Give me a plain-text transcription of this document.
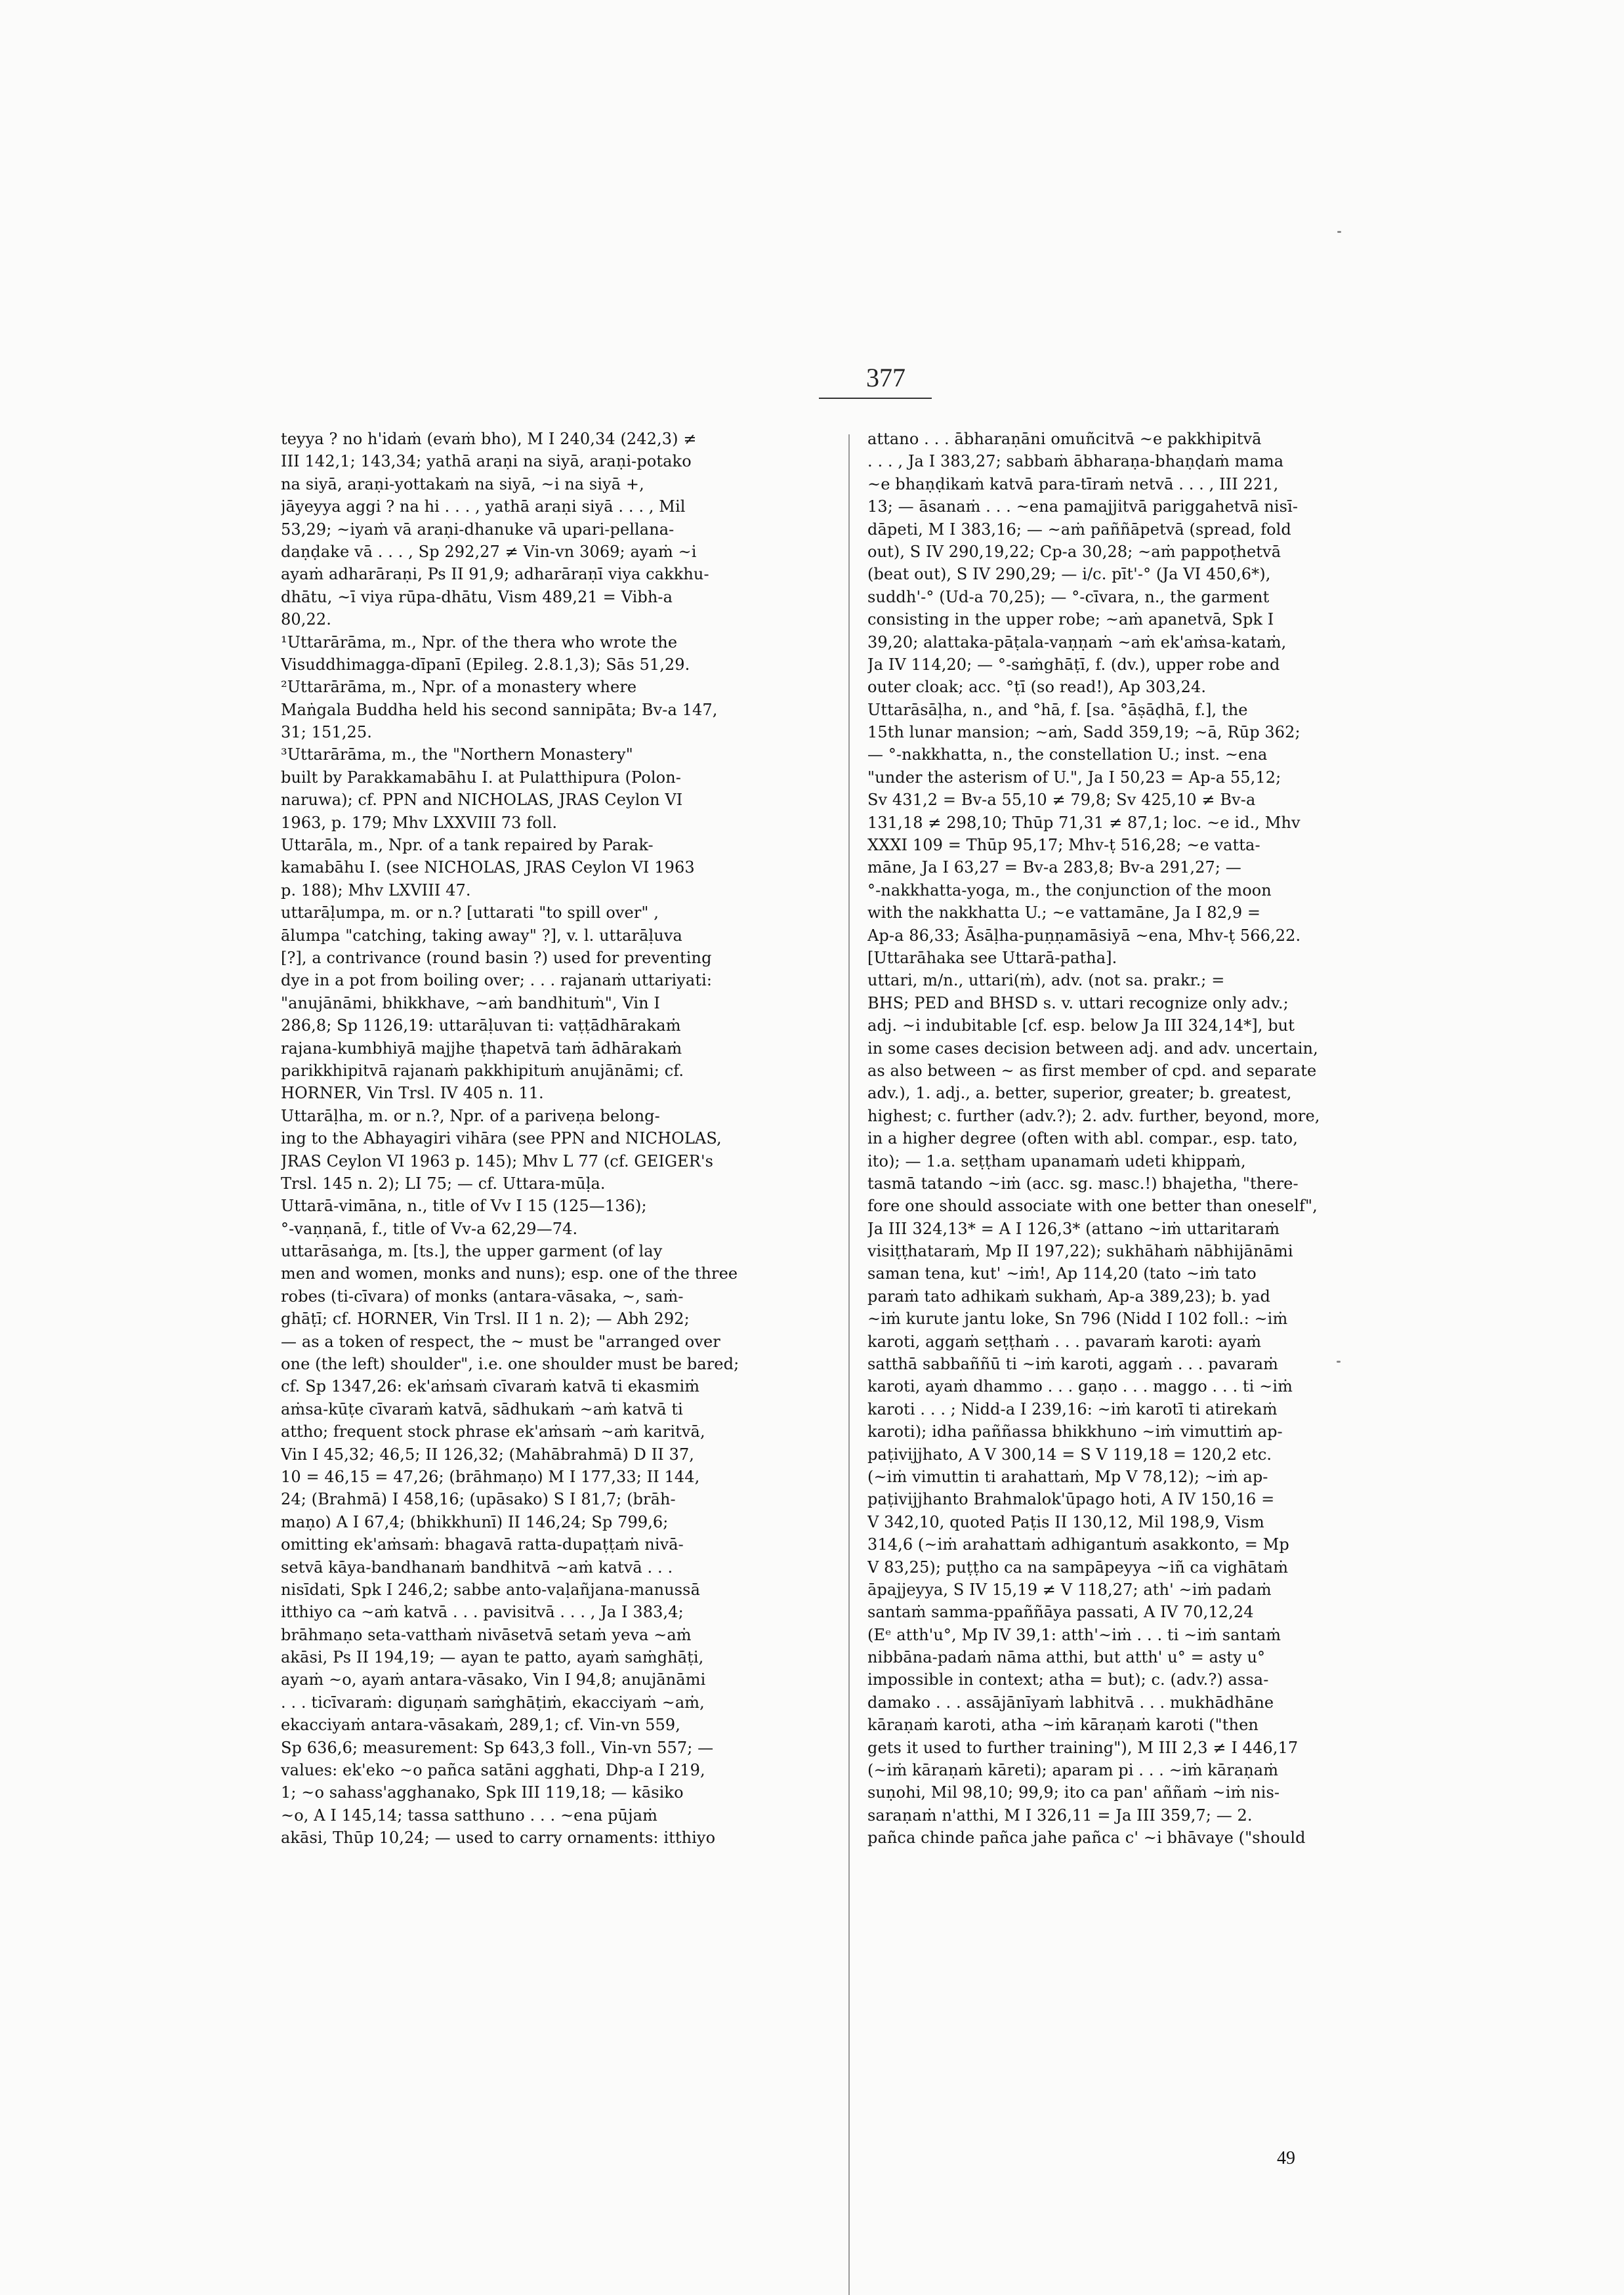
377
teyya ? no h'idaṁ (evaṁ bho), M I 240,34 (242,3) ≠
III 142,1; 143,34; yathā araṇi na siyā, araṇi-potako
na siyā, araṇi-yottakaṁ na siyā, ~i na siyā +,
jāyeyya aggi ? na hi . . . , yathā araṇi siyā . . . , Mil
53,29; ~iyaṁ vā araṇi-dhanuke vā upari-pellana-
daṇḍake vā . . . , Sp 292,27 ≠ Vin-vn 3069; ayaṁ ~i
ayaṁ adharāraṇi, Ps II 91,9; adharāraṇī viya cakkhu-
dhātu, ~ī viya rūpa-dhātu, Vism 489,21 = Vibh-a
80,22.
¹Uttarārāma, m., Npr. of the thera who wrote the
Visuddhimagga-dīpanī (Epileg. 2.8.1,3); Sās 51,29.
²Uttarārāma, m., Npr. of a monastery where
Maṅgala Buddha held his second sannipāta; Bv-a 147,
31; 151,25.
³Uttarārāma, m., the "Northern Monastery"
built by Parakkamabāhu I. at Pulatthipura (Polon-
naruwa); cf. PPN and NICHOLAS, JRAS Ceylon VI
1963, p. 179; Mhv LXXVIII 73 foll.
Uttarāla, m., Npr. of a tank repaired by Parak-
kamabāhu I. (see NICHOLAS, JRAS Ceylon VI 1963
p. 188); Mhv LXVIII 47.
uttarāḷumpa, m. or n.? [uttarati "to spill over" ,
ālumpa "catching, taking away" ?], v. l. uttarāḷuva
[?], a contrivance (round basin ?) used for preventing
dye in a pot from boiling over; . . . rajanaṁ uttariyati:
"anujānāmi, bhikkhave, ~aṁ bandhituṁ", Vin I
286,8; Sp 1126,19: uttarāḷuvan ti: vaṭṭādhārakaṁ
rajana-kumbhiyā majjhe ṭhapetvā taṁ ādhārakaṁ
parikkhipitvā rajanaṁ pakkhipituṁ anujānāmi; cf.
HORNER, Vin Trsl. IV 405 n. 11.
Uttarāḷha, m. or n.?, Npr. of a pariveṇa belong-
ing to the Abhayagiri vihāra (see PPN and NICHOLAS,
JRAS Ceylon VI 1963 p. 145); Mhv L 77 (cf. GEIGER's
Trsl. 145 n. 2); LI 75; — cf. Uttara-mūḷa.
Uttarā-vimāna, n., title of Vv I 15 (125—136);
°-vaṇṇanā, f., title of Vv-a 62,29—74.
uttarāsaṅga, m. [ts.], the upper garment (of lay
men and women, monks and nuns); esp. one of the three
robes (ti-cīvara) of monks (antara-vāsaka, ~, saṁ-
ghāṭī; cf. HORNER, Vin Trsl. II 1 n. 2); — Abh 292;
— as a token of respect, the ~ must be "arranged over
one (the left) shoulder", i.e. one shoulder must be bared;
cf. Sp 1347,26: ek'aṁsaṁ cīvaraṁ katvā ti ekasmiṁ
aṁsa-kūṭe cīvaraṁ katvā, sādhukaṁ ~aṁ katvā ti
attho; frequent stock phrase ek'aṁsaṁ ~aṁ karitvā,
Vin I 45,32; 46,5; II 126,32; (Mahābrahmā) D II 37,
10 = 46,15 = 47,26; (brāhmaṇo) M I 177,33; II 144,
24; (Brahmā) I 458,16; (upāsako) S I 81,7; (brāh-
maṇo) A I 67,4; (bhikkhunī) II 146,24; Sp 799,6;
omitting ek'aṁsaṁ: bhagavā ratta-dupaṭṭaṁ nivā-
setvā kāya-bandhanaṁ bandhitvā ~aṁ katvā . . .
nisīdati, Spk I 246,2; sabbe anto-vaḷañjana-manussā
itthiyo ca ~aṁ katvā . . . pavisitvā . . . , Ja I 383,4;
brāhmaṇo seta-vatthaṁ nivāsetvā setaṁ yeva ~aṁ
akāsi, Ps II 194,19; — ayan te patto, ayaṁ saṁghāṭi,
ayaṁ ~o, ayaṁ antara-vāsako, Vin I 94,8; anujānāmi
. . . ticīvaraṁ: diguṇaṁ saṁghāṭiṁ, ekacciyaṁ ~aṁ,
ekacciyaṁ antara-vāsakaṁ, 289,1; cf. Vin-vn 559,
Sp 636,6; measurement: Sp 643,3 foll., Vin-vn 557; —
values: ek'eko ~o pañca satāni agghati, Dhp-a I 219,
1; ~o sahass'agghanako, Spk III 119,18; — kāsiko
~o, A I 145,14; tassa satthuno . . . ~ena pūjaṁ
akāsi, Thūp 10,24; — used to carry ornaments: itthiyo
attano . . . ābharaṇāni omuñcitvā ~e pakkhipitvā
. . . , Ja I 383,27; sabbaṁ ābharaṇa-bhaṇḍaṁ mama
~e bhaṇḍikaṁ katvā para-tīraṁ netvā . . . , III 221,
13; — āsanaṁ . . . ~ena pamajjitvā pariggahetvā nisī-
dāpeti, M I 383,16; — ~aṁ paññāpetvā (spread, fold
out), S IV 290,19,22; Cp-a 30,28; ~aṁ pappoṭhetvā
(beat out), S IV 290,29; — i/c. pīt'-° (Ja VI 450,6*),
suddh'-° (Ud-a 70,25); — °-cīvara, n., the garment
consisting in the upper robe; ~aṁ apanetvā, Spk I
39,20; alattaka-pāṭala-vaṇṇaṁ ~aṁ ek'aṁsa-kataṁ,
Ja IV 114,20; — °-saṁghāṭī, f. (dv.), upper robe and
outer cloak; acc. °ṭī (so read!), Ap 303,24.
Uttarāsāḷha, n., and °hā, f. [sa. °āṣāḍhā, f.], the
15th lunar mansion; ~aṁ, Sadd 359,19; ~ā, Rūp 362;
— °-nakkhatta, n., the constellation U.; inst. ~ena
"under the asterism of U.", Ja I 50,23 = Ap-a 55,12;
Sv 431,2 = Bv-a 55,10 ≠ 79,8; Sv 425,10 ≠ Bv-a
131,18 ≠ 298,10; Thūp 71,31 ≠ 87,1; loc. ~e id., Mhv
XXXI 109 = Thūp 95,17; Mhv-ṭ 516,28; ~e vatta-
māne, Ja I 63,27 = Bv-a 283,8; Bv-a 291,27; —
°-nakkhatta-yoga, m., the conjunction of the moon
with the nakkhatta U.; ~e vattamāne, Ja I 82,9 =
Ap-a 86,33; Āsāḷha-puṇṇamāsiyā ~ena, Mhv-ṭ 566,22.
[Uttarāhaka see Uttarā-patha].
uttari, m/n., uttari(ṁ), adv. (not sa. prakr.; =
BHS; PED and BHSD s. v. uttari recognize only adv.;
adj. ~i indubitable [cf. esp. below Ja III 324,14*], but
in some cases decision between adj. and adv. uncertain,
as also between ~ as first member of cpd. and separate
adv.), 1. adj., a. better, superior, greater; b. greatest,
highest; c. further (adv.?); 2. adv. further, beyond, more,
in a higher degree (often with abl. compar., esp. tato,
ito); — 1.a. seṭṭham upanamaṁ udeti khippaṁ,
tasmā tatando ~iṁ (acc. sg. masc.!) bhajetha, "there-
fore one should associate with one better than oneself",
Ja III 324,13* = A I 126,3* (attano ~iṁ uttaritaraṁ
visiṭṭhataraṁ, Mp II 197,22); sukhāhaṁ nābhijānāmi
saman tena, kut' ~iṁ!, Ap 114,20 (tato ~iṁ tato
paraṁ tato adhikaṁ sukhaṁ, Ap-a 389,23); b. yad
~iṁ kurute jantu loke, Sn 796 (Nidd I 102 foll.: ~iṁ
karoti, aggaṁ seṭṭhaṁ . . . pavaraṁ karoti: ayaṁ
satthā sabbaññū ti ~iṁ karoti, aggaṁ . . . pavaraṁ
karoti, ayaṁ dhammo . . . gaṇo . . . maggo . . . ti ~iṁ
karoti . . . ; Nidd-a I 239,16: ~iṁ karotī ti atirekaṁ
karoti); idha paññassa bhikkhuno ~iṁ vimuttiṁ ap-
paṭivijjhato, A V 300,14 = S V 119,18 = 120,2 etc.
(~iṁ vimuttin ti arahattaṁ, Mp V 78,12); ~iṁ ap-
paṭivijjhanto Brahmalok'ūpago hoti, A IV 150,16 =
V 342,10, quoted Paṭis II 130,12, Mil 198,9, Vism
314,6 (~iṁ arahattaṁ adhigantuṁ asakkonto, = Mp
V 83,25); puṭṭho ca na sampāpeyya ~iñ ca vighātaṁ
āpajjeyya, S IV 15,19 ≠ V 118,27; ath' ~iṁ padaṁ
santaṁ samma-ppaññāya passati, A IV 70,12,24
(Eᵉ atth'u°, Mp IV 39,1: atth'~iṁ . . . ti ~iṁ santaṁ
nibbāna-padaṁ nāma atthi, but atth' u° = asty u°
impossible in context; atha = but); c. (adv.?) assa-
damako . . . assājānīyaṁ labhitvā . . . mukhādhāne
kāraṇaṁ karoti, atha ~iṁ kāraṇaṁ karoti ("then
gets it used to further training"), M III 2,3 ≠ I 446,17
(~iṁ kāraṇaṁ kāreti); aparam pi . . . ~iṁ kāraṇaṁ
suṇohi, Mil 98,10; 99,9; ito ca pan' aññaṁ ~iṁ nis-
saraṇaṁ n'atthi, M I 326,11 = Ja III 359,7; — 2.
pañca chinde pañca jahe pañca c' ~i bhāvaye ("should
49
